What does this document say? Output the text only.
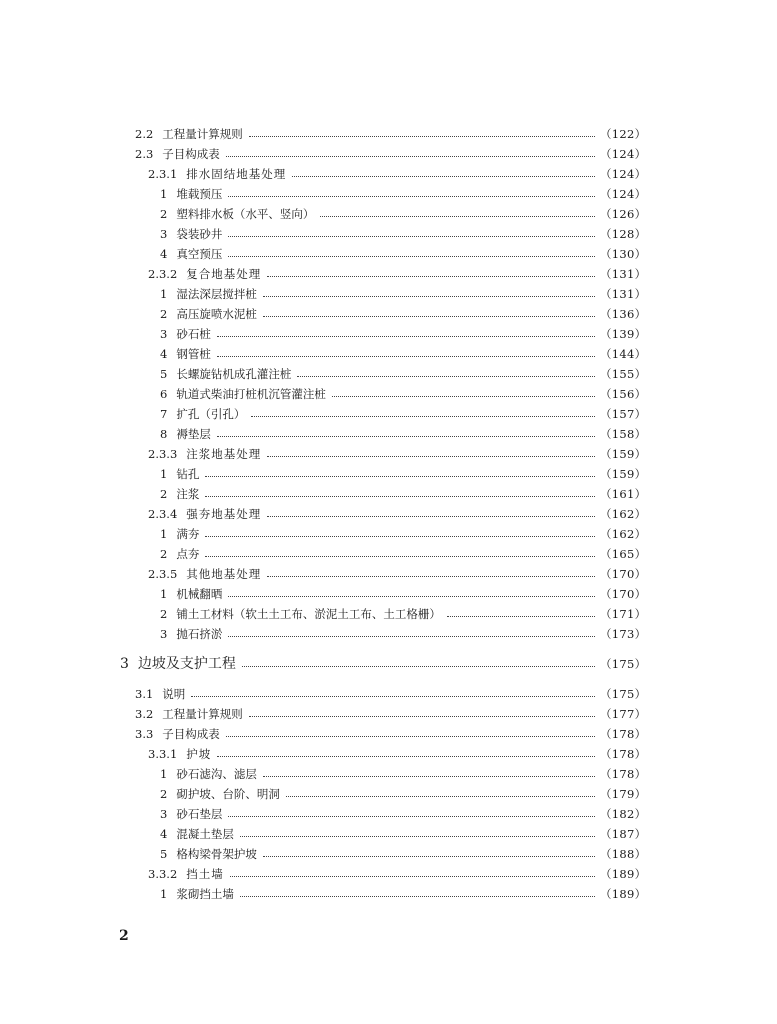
2.2 工程量计算规则	（122）
2.3 子目构成表	（124）
2.3.1 排水固结地基处理	（124）
1 堆载预压	（124）
2 塑料排水板（水平、竖向）	（126）
3 袋装砂井	（128）
4 真空预压	（130）
2.3.2 复合地基处理	（131）
1 湿法深层搅拌桩	（131）
2 高压旋喷水泥桩	（136）
3 砂石桩	（139）
4 钢管桩	（144）
5 长螺旋钻机成孔灌注桩	（155）
6 轨道式柴油打桩机沉管灌注桩	（156）
7 扩孔（引孔）	（157）
8 褥垫层	（158）
2.3.3 注浆地基处理	（159）
1 钻孔	（159）
2 注浆	（161）
2.3.4 强夯地基处理	（162）
1 满夯	（162）
2 点夯	（165）
2.3.5 其他地基处理	（170）
1 机械翻晒	（170）
2 铺土工材料（软土土工布、淤泥土工布、土工格栅）	（171）
3 抛石挤淤	（173）
3 边坡及支护工程	（175）
3.1 说明	（175）
3.2 工程量计算规则	（177）
3.3 子目构成表	（178）
3.3.1 护坡	（178）
1 砂石滤沟、滤层	（178）
2 砌护坡、台阶、明洞	（179）
3 砂石垫层	（182）
4 混凝土垫层	（187）
5 格构梁骨架护坡	（188）
3.3.2 挡土墙	（189）
1 浆砌挡土墙	（189）
2
